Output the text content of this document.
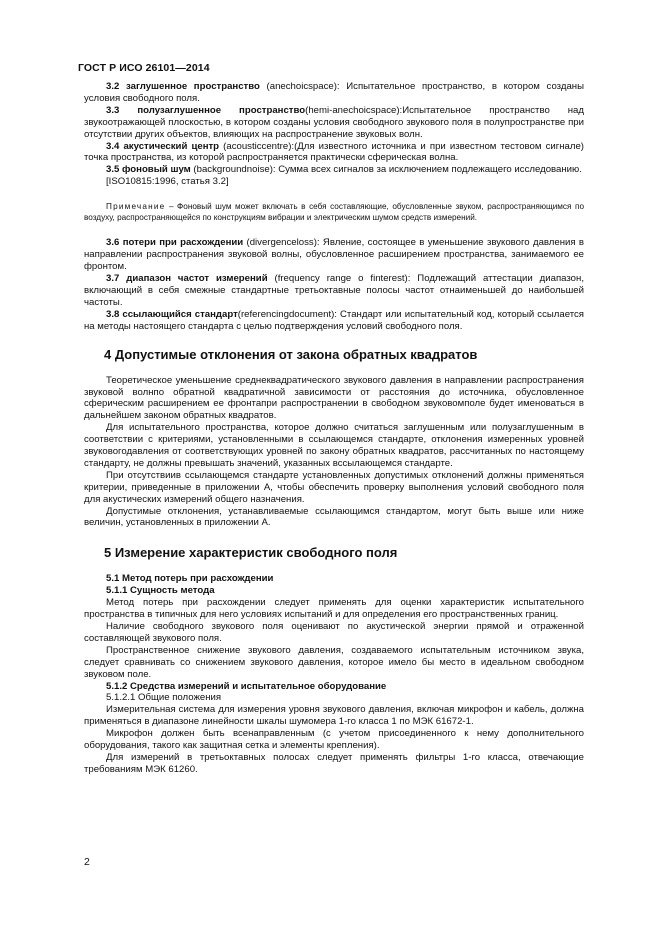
ГОСТ Р ИСО 26101—2014

3.2 заглушенное пространство (anechoicspace): Испытательное пространство, в котором созданы условия свободного поля.

3.3 полузаглушенное пространство(hemi-anechoicspace):Испытательное пространство над звукоотражающей плоскостью, в котором созданы условия свободного звукового поля в полупространстве при отсутствии других объектов, влияющих на распространение звуковых волн.

3.4 акустический центр (acousticcentre):(Для известного источника и при известном тестовом сигнале) точка пространства, из которой распространяется практически сферическая волна.

3.5 фоновый шум (backgroundnoise): Сумма всех сигналов за исключением подлежащего исследованию.

[ISO10815:1996, статья 3.2]

Примечание – Фоновый шум может включать в себя составляющие, обусловленные звуком, распространяющимся по воздуху, распространяющейся по конструкциям вибрации и электрическим шумом средств измерений.

3.6 потери при расхождении (divergenceloss): Явление, состоящее в уменьшение звукового давления в направлении распространения звуковой волны, обусловленное расширением пространства, занимаемого ее фронтом.

3.7 диапазон частот измерений (frequency range o finterest): Подлежащий аттестации диапазон, включающий в себя смежные стандартные третьоктавные полосы частот отнаименьшей до наибольшей частоты.

3.8 ссылающийся стандарт(referencingdocument): Стандарт или испытательный код, который ссылается на методы настоящего стандарта с целью подтверждения условий свободного поля.

4 Допустимые отклонения от закона обратных квадратов

Теоретическое уменьшение среднеквадратического звукового давления в направлении распространения звуковой волнпо обратной квадратичной зависимости от расстояния до источника, обусловленное сферическим расширением ее фронтапри распространении в свободном звуковомполе будет именоваться в дальнейшем законом обратных квадратов.

Для испытательного пространства, которое должно считаться заглушенным или полузаглушенным в соответствии с критериями, установленными в ссылающемся стандарте, отклонения измеренных уровней звуковогодавления от соответствующих уровней по закону обратных квадратов, рассчитанных по настоящему стандарту, не должны превышать значений, указанных вссылающемся стандарте.

При отсутствиив ссылающемся стандарте установленных допустимых отклонений должны применяться критерии, приведенные в приложении А, чтобы обеспечить проверку выполнения условий свободного поля для акустических измерений общего назначения.

Допустимые отклонения, устанавливаемые ссылающимся стандартом, могут быть выше или ниже величин, установленных в приложении А.

5 Измерение характеристик свободного поля
5.1 Метод потерь при расхождении
5.1.1 Сущность метода

Метод потерь при расхождении следует применять для оценки характеристик испытательного пространства в типичных для него условиях испытаний и для определения его пространственных границ.

Наличие свободного звукового поля оценивают по акустической энергии прямой и отраженной составляющей звукового поля.

Пространственное снижение звукового давления, создаваемого испытательным источником звука, следует сравнивать со снижением звукового давления, которое имело бы место в идеальном свободном звуковом поле.

5.1.2 Средства измерений и испытательное оборудование

5.1.2.1 Общие положения

Измерительная система для измерения уровня звукового давления, включая микрофон и кабель, должна применяться в диапазоне линейности шкалы шумомера 1-го класса 1 по МЭК 61672-1.

Микрофон должен быть всенаправленным (с учетом присоединенного к нему дополнительного оборудования, такого как защитная сетка и элементы крепления).

Для измерений в третьоктавных полосах следует применять фильтры 1-го класса, отвечающие требованиям МЭК 61260.

2
